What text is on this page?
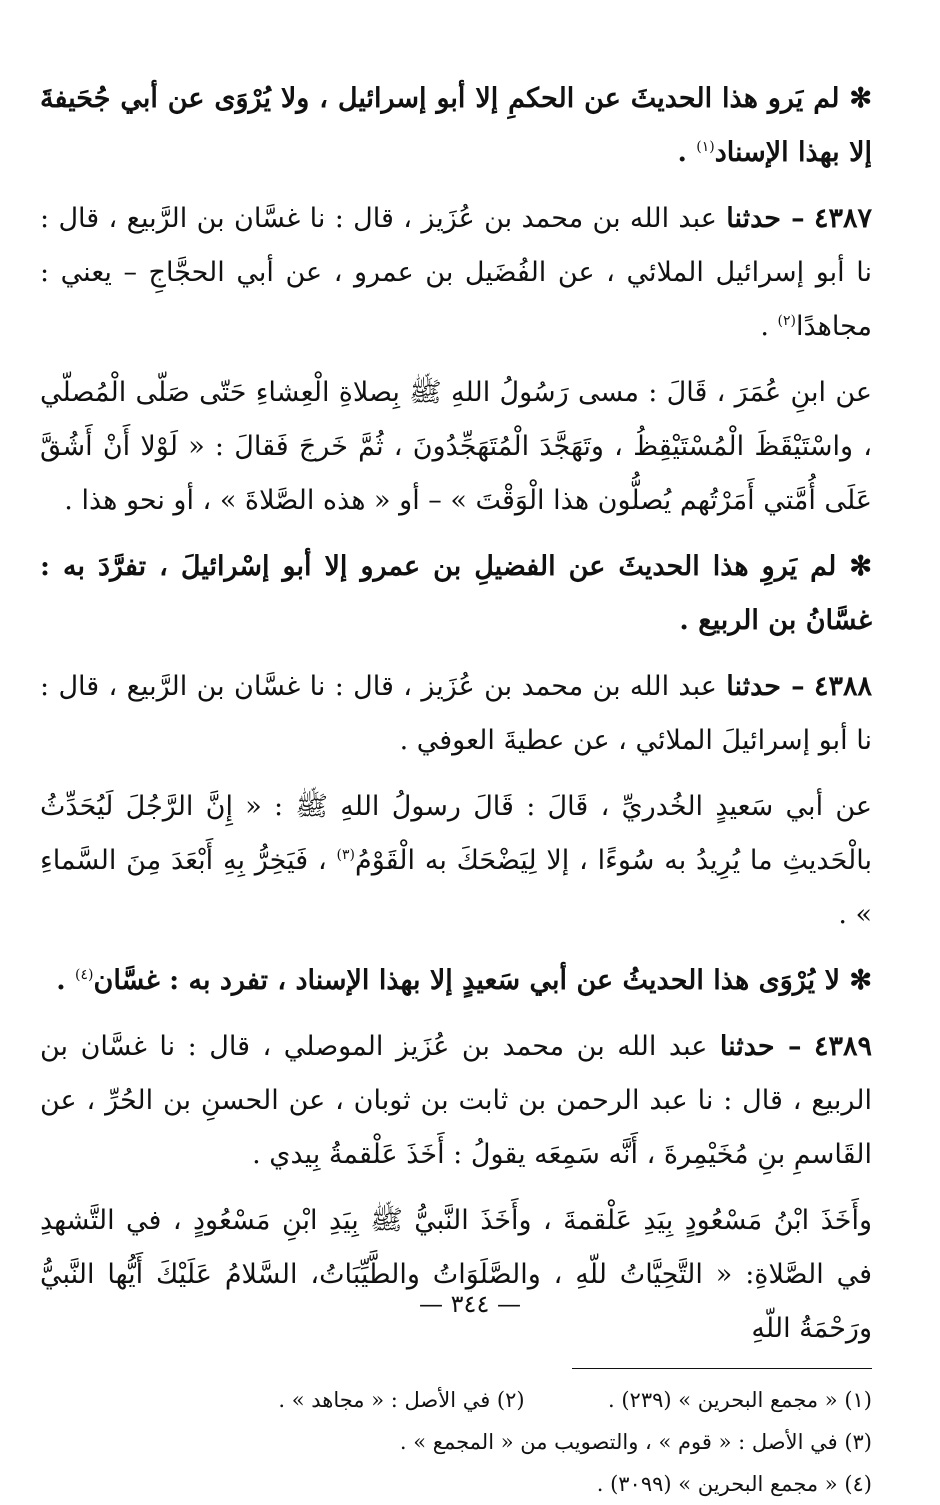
✻ لم يَرو هذا الحديثَ عن الحكمِ إلا أبو إسرائيل ، ولا يُرْوَى عن أبي جُحَيفةَ إلا بهذا الإسناد$^{(١)}$ .
٤٣٨٧ – حدثنا عبد الله بن محمد بن عُزَيز ، قال : نا غسَّان بن الرَّبيع ، قال : نا أبو إسرائيل الملائي ، عن الفُضَيل بن عمرو ، عن أبي الحجَّاجِ – يعني : مجاهدًا$^{(٢)}$ .
عن ابنِ عُمَرَ ، قَالَ : مسى رَسُولُ اللهِ ﷺ بِصلاةِ الْعِشاءِ حَتّى صَلّى الْمُصلّي ، واسْتَيْقَظَ الْمُسْتَيْقِظُ ، وتَهَجَّدَ الْمُتَهَجِّدُونَ ، ثُمَّ خَرجَ فَقالَ : « لَوْلا أَنْ أَشُقَّ عَلَى أُمَّتي أَمَرْتُهم يُصلُّون هذا الْوَقْتَ » – أو « هذه الصَّلاةَ » ، أو نحو هذا .
✻ لم يَروِ هذا الحديثَ عن الفضيلِ بن عمرو إلا أبو إسْرائيلَ ، تفرَّدَ به : غسَّانُ بن الربيع .
٤٣٨٨ – حدثنا عبد الله بن محمد بن عُزَيز ، قال : نا غسَّان بن الرَّبيع ، قال : نا أبو إسرائيلَ الملائي ، عن عطيةَ العوفي .
عن أبي سَعيدٍ الخُدريِّ ، قَالَ : قَالَ رسولُ اللهِ ﷺ : « إِنَّ الرَّجُلَ لَيُحَدِّثُ بالْحَديثِ ما يُرِيدُ به سُوءًا ، إلا لِيَضْحَكَ به الْقَوْمُ$^{(٣)}$ ، فَيَخِرُّ بِهِ أَبْعَدَ مِنَ السَّماءِ » .
✻ لا يُرْوَى هذا الحديثُ عن أبي سَعيدٍ إلا بهذا الإسناد ، تفرد به : غسَّان$^{(٤)}$ .
٤٣٨٩ – حدثنا عبد الله بن محمد بن عُزَيز الموصلي ، قال : نا غسَّان بن الربيع ، قال : نا عبد الرحمن بن ثابت بن ثوبان ، عن الحسنِ بن الحُرِّ ، عن القَاسمِ بنِ مُخَيْمِرةَ ، أَنَّه سَمِعَه يقولُ : أَخَذَ عَلْقمةُ بِيدي .
وأَخَذَ ابْنُ مَسْعُودٍ بِيَدِ عَلْقمةَ ، وأَخَذَ النَّبيُّ ﷺ بِيَدِ ابْنِ مَسْعُودٍ ، في التَّشهدِ في الصَّلاةِ: « التَّحِيَّاتُ للّهِ ، والصَّلَوَاتُ والطَّيِّبَاتُ، السَّلامُ عَلَيْكَ أَيُّها النَّبيُّ ورَحْمَةُ اللّهِ
(١) « مجمع البحرين » (٢٣٩) .  (٢) في الأصل : « مجاهد » .
(٣) في الأصل : « قوم » ، والتصويب من « المجمع » .
(٤) « مجمع البحرين » (٣٠٩٩) .
— ٣٤٤ —
